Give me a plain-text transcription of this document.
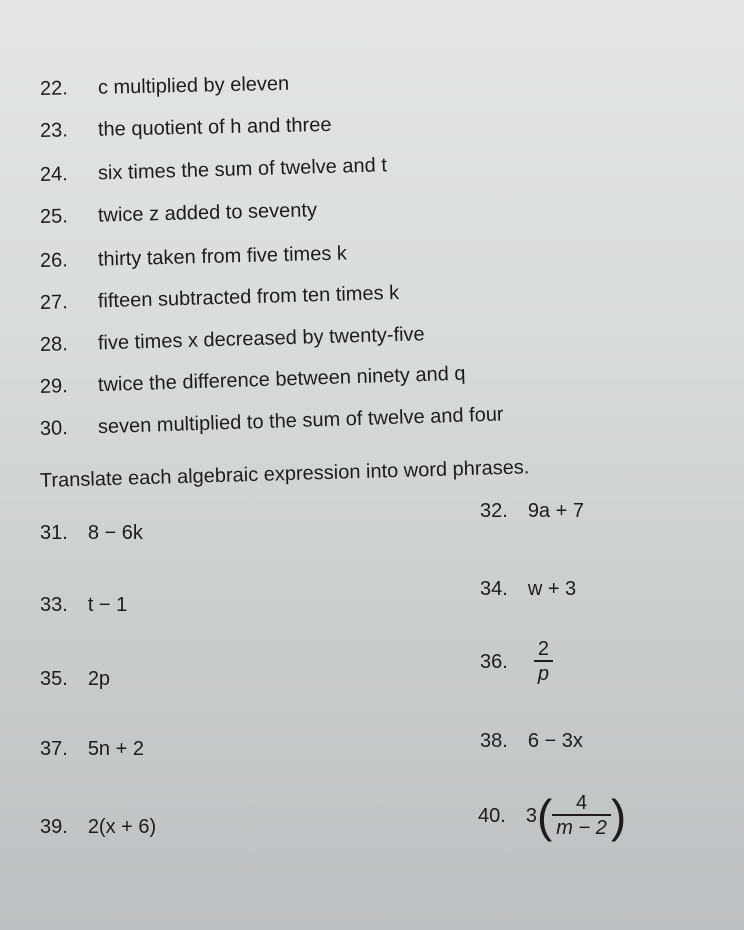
22.	c multiplied by eleven
23.	the quotient of h and three
24.	six times the sum of twelve and t
25.	twice z added to seventy
26.	thirty taken from five times k
27.	fifteen subtracted from ten times k
28.	five times x decreased by twenty-five
29.	twice the difference between ninety and q
30.	seven multiplied to the sum of twelve and four
Translate each algebraic expression into word phrases.
31. 8 − 6k
32. 9a + 7
33. t − 1
34. w + 3
35. 2p
36. $\frac{2}{p}$
37. 5n + 2	38. 6 − 3x
39. 2(x + 6)
40. 3 ( $\frac{4}{m - 2}$ )
